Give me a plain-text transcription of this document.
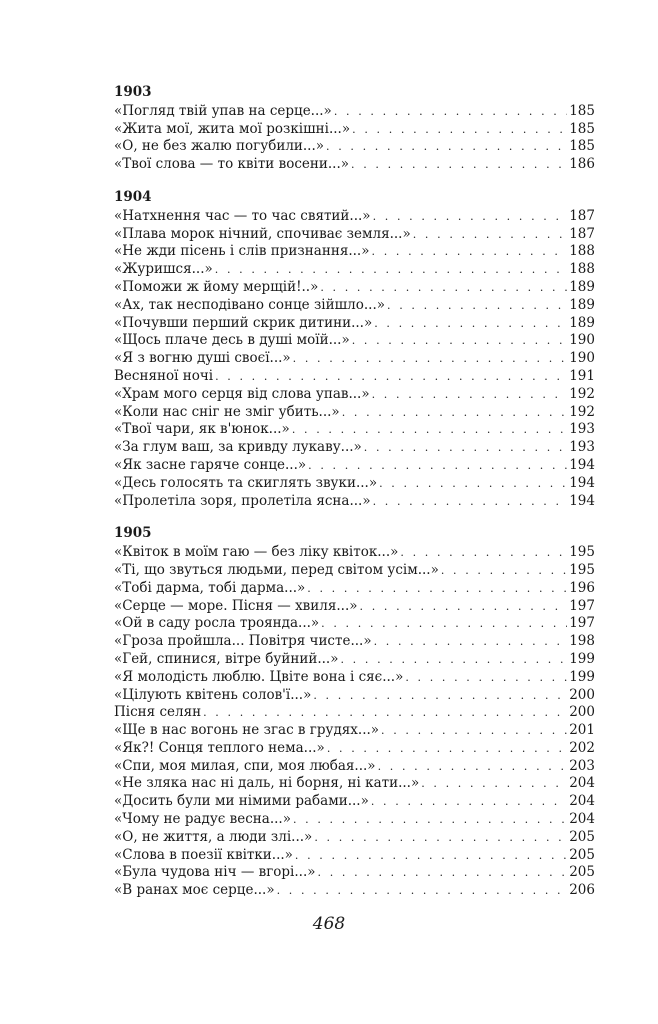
1903
«Погляд твій упав на серце...» . . .	185
«Жита мої, жита мої розкішні...» . . .	185
«О, не без жалю погубили...» . . .	185
«Твої слова — то квіти восени...» . . .	186
1904
«Натхнення час — то час святий...» . . .	187
«Плава морок нічний, спочиває земля...» . . .	187
«Не жди пісень і слів признання...» . . .	188
«Журишся...» . . .	188
«Поможи ж йому мерщій!..» . . .	189
«Ах, так несподівано сонце зійшло...» . . .	189
«Почувши перший скрик дитини...» . . .	189
«Щось плаче десь в душі моїй...» . . .	190
«Я з вогню душі своєї...» . . .	190
Весняної ночі . . .	191
«Храм мого серця від слова упав...» . . .	192
«Коли нас сніг не зміг убить...» . . .	192
«Твої чари, як в'юнок...» . . .	193
«За глум ваш, за кривду лукаву...» . . .	193
«Як засне гаряче сонце...» . . .	194
«Десь голосять та скиглять звуки...» . . .	194
«Пролетіла зоря, пролетіла ясна...» . . .	194
1905
«Квіток в моїм гаю — без ліку квіток...» . . .	195
«Ті, що звуться людьми, перед світом усім...» . . .	195
«Тобі дарма, тобі дарма...» . . .	196
«Серце — море. Пісня — хвиля...» . . .	197
«Ой в саду росла троянда...» . . .	197
«Гроза пройшла... Повітря чисте...» . . .	198
«Гей, спинися, вітре буйний...» . . .	199
«Я молодість люблю. Цвіте вона і сяє...» . . .	199
«Цілують квітень солов'ї...» . . .	200
Пісня селян . . .	200
«Ще в нас вогонь не згас в грудях...» . . .	201
«Як?! Сонця теплого нема...» . . .	202
«Спи, моя милая, спи, моя любая...» . . .	203
«Не зляка нас ні даль, ні борня, ні кати...» . . .	204
«Досить були ми німими рабами...» . . .	204
«Чому не радує весна...» . . .	204
«О, не життя, а люди злі...» . . .	205
«Слова в поезії квітки...» . . .	205
«Була чудова ніч — вгорі...» . . .	205
«В ранах моє серце...» . . .	206
468
